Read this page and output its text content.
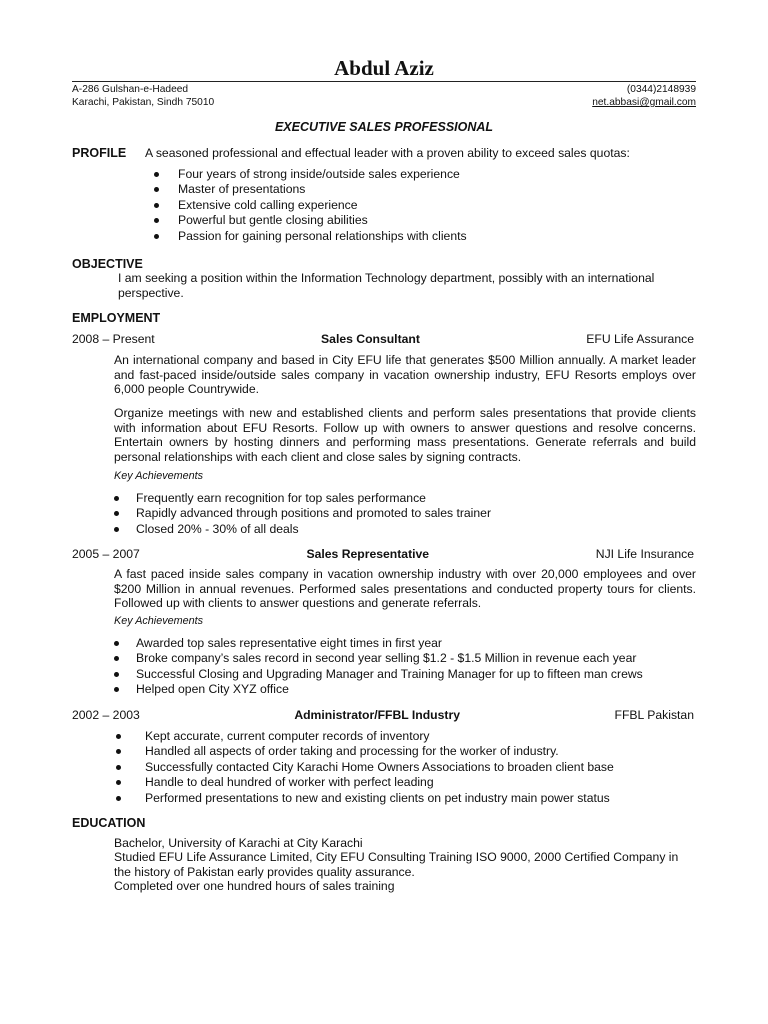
Abdul Aziz
A-286 Gulshan-e-Hadeed	(0344)2148939
Karachi, Pakistan, Sindh 75010	net.abbasi@gmail.com
EXECUTIVE SALES PROFESSIONAL
PROFILE A seasoned professional and effectual leader with a proven ability to exceed sales quotas:
Four years of strong inside/outside sales experience
Master of presentations
Extensive cold calling experience
Powerful but gentle closing abilities
Passion for gaining personal relationships with clients
OBJECTIVE
I am seeking a position within the Information Technology department, possibly with an international perspective.
EMPLOYMENT
2008 – Present	Sales Consultant	EFU Life Assurance
An international company and based in City EFU life that generates $500 Million annually. A market leader and fast-paced inside/outside sales company in vacation ownership industry, EFU Resorts employs over 6,000 people Countrywide.
Organize meetings with new and established clients and perform sales presentations that provide clients with information about EFU Resorts. Follow up with owners to answer questions and resolve concerns. Entertain owners by hosting dinners and performing mass presentations. Generate referrals and build personal relationships with each client and close sales by signing contracts.
Key Achievements
Frequently earn recognition for top sales performance
Rapidly advanced through positions and promoted to sales trainer
Closed 20% - 30% of all deals
2005 – 2007	Sales Representative	NJI Life Insurance
A fast paced inside sales company in vacation ownership industry with over 20,000 employees and over $200 Million in annual revenues. Performed sales presentations and conducted property tours for clients. Followed up with clients to answer questions and generate referrals.
Key Achievements
Awarded top sales representative eight times in first year
Broke company’s sales record in second year selling $1.2 - $1.5 Million in revenue each year
Successful Closing and Upgrading Manager and Training Manager for up to fifteen man crews
Helped open City XYZ office
2002 – 2003	Administrator/FFBL Industry	FFBL Pakistan
Kept accurate, current computer records of inventory
Handled all aspects of order taking and processing for the worker of industry.
Successfully contacted City Karachi Home Owners Associations to broaden client base
Handle to deal hundred of worker with perfect leading
Performed presentations to new and existing clients on pet industry main power status
EDUCATION
Bachelor, University of Karachi at City Karachi
Studied EFU Life Assurance Limited, City EFU Consulting Training ISO 9000, 2000 Certified Company in the history of Pakistan early provides quality assurance.
Completed over one hundred hours of sales training
